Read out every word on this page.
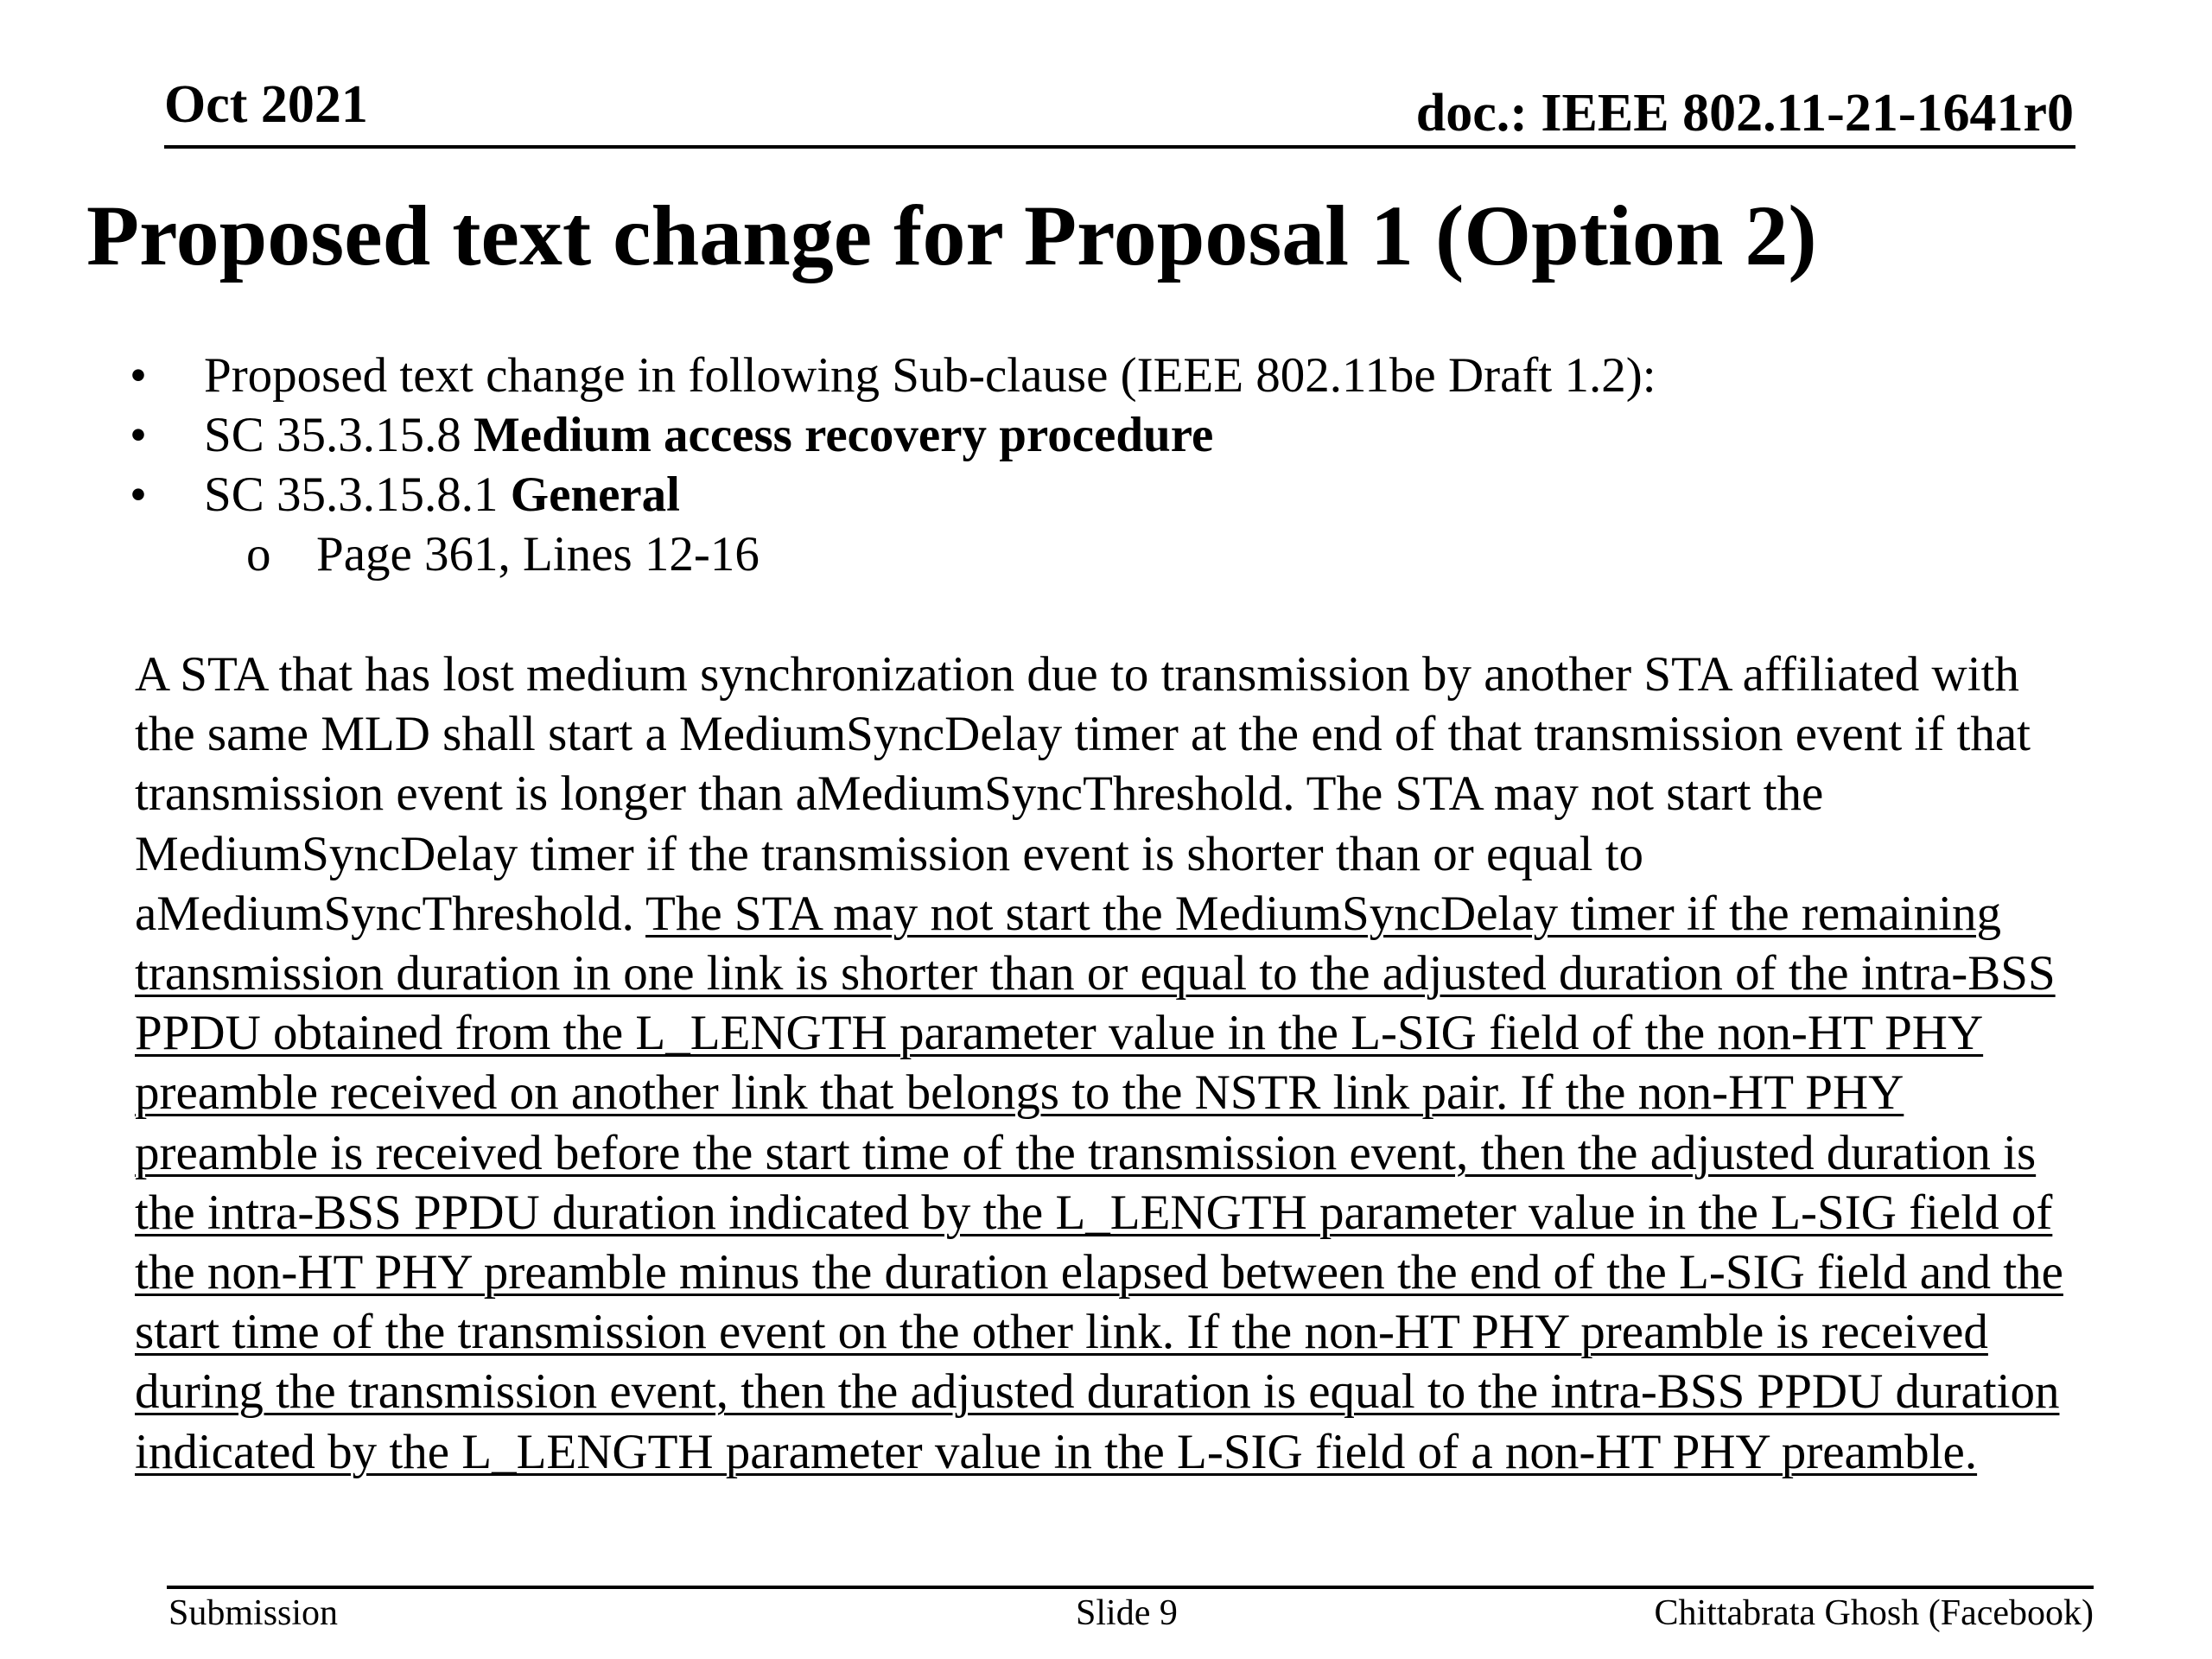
Oct 2021	doc.: IEEE 802.11-21-1641r0
Proposed text change for Proposal 1 (Option 2)
• Proposed text change in following Sub-clause (IEEE 802.11be Draft 1.2):
• SC 35.3.15.8 Medium access recovery procedure
• SC 35.3.15.8.1 General
o Page 361, Lines 12-16

A STA that has lost medium synchronization due to transmission by another STA affiliated with the same MLD shall start a MediumSyncDelay timer at the end of that transmission event if that transmission event is longer than aMediumSyncThreshold. The STA may not start the MediumSyncDelay timer if the transmission event is shorter than or equal to aMediumSyncThreshold. The STA may not start the MediumSyncDelay timer if the remaining transmission duration in one link is shorter than or equal to the adjusted duration of the intra-BSS PPDU obtained from the L_LENGTH parameter value in the L-SIG field of the non-HT PHY preamble received on another link that belongs to the NSTR link pair. If the non-HT PHY preamble is received before the start time of the transmission event, then the adjusted duration is the intra-BSS PPDU duration indicated by the L_LENGTH parameter value in the L-SIG field of the non-HT PHY preamble minus the duration elapsed between the end of the L-SIG field and the start time of the transmission event on the other link. If the non-HT PHY preamble is received during the transmission event, then the adjusted duration is equal to the intra-BSS PPDU duration indicated by the L_LENGTH parameter value in the L-SIG field of a non-HT PHY preamble.

Submission	Slide 9	Chittabrata Ghosh (Facebook)
